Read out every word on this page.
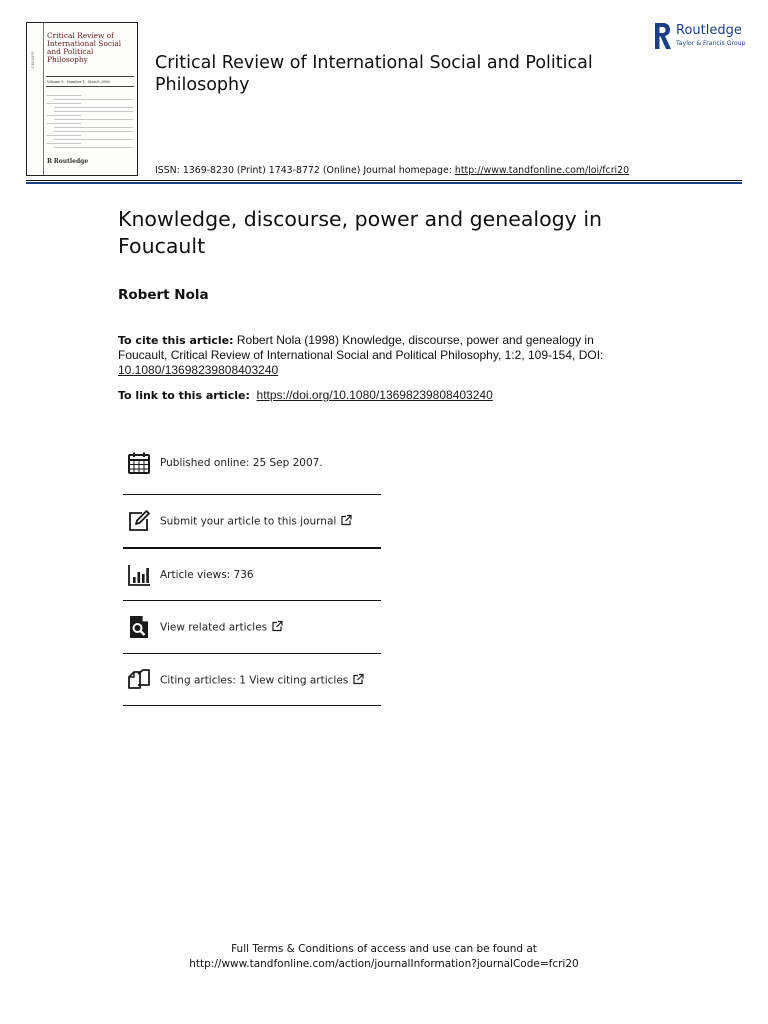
CRISPP
Critical Review of International Social and Political Philosophy
Volume 9 · Number 1 · March 2006
R Routledge
Critical Review of International Social and Political Philosophy
ISSN: 1369-8230 (Print) 1743-8772 (Online) Journal homepage: http://www.tandfonline.com/loi/fcri20
Routledge
Taylor & Francis Group
Knowledge, discourse, power and genealogy in Foucault
Robert Nola
To cite this article: Robert Nola (1998) Knowledge, discourse, power and genealogy in Foucault, Critical Review of International Social and Political Philosophy, 1:2, 109-154, DOI: 10.1080/13698239808403240
To link to this article: https://doi.org/10.1080/13698239808403240
Published online: 25 Sep 2007.
Submit your article to this journal
Article views: 736
View related articles
Citing articles: 1 View citing articles
Full Terms & Conditions of access and use can be found at
http://www.tandfonline.com/action/journalInformation?journalCode=fcri20
